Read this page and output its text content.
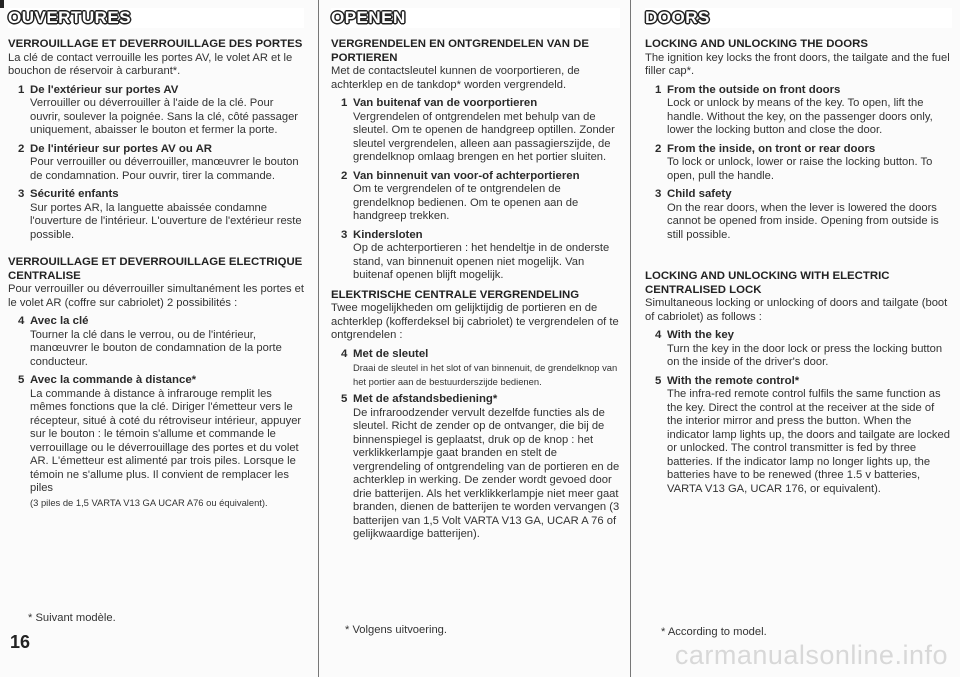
OUVERTURES
VERROUILLAGE ET DEVERROUILLAGE DES PORTES
La clé de contact verrouille les portes AV, le volet AR et le bouchon de réservoir à carburant*.
1 De l'extérieur sur portes AV
Verrouiller ou déverrouiller à l'aide de la clé. Pour ouvrir, soulever la poignée. Sans la clé, côté passager uniquement, abaisser le bouton et fermer la porte.
2 De l'intérieur sur portes AV ou AR
Pour verrouiller ou déverrouiller, manœuvrer le bouton de condamnation. Pour ouvrir, tirer la commande.
3 Sécurité enfants
Sur portes AR, la languette abaissée condamne l'ouverture de l'intérieur. L'ouverture de l'extérieur reste possible.
VERROUILLAGE ET DEVERROUILLAGE ELECTRIQUE CENTRALISE
Pour verrouiller ou déverrouiller simultanément les portes et le volet AR (coffre sur cabriolet) 2 possibilités :
4 Avec la clé
Tourner la clé dans le verrou, ou de l'intérieur, manœuvrer le bouton de condamnation de la porte conducteur.
5 Avec la commande à distance*
La commande à distance à infrarouge remplit les mêmes fonctions que la clé. Diriger l'émetteur vers le récepteur, situé à coté du rétroviseur intérieur, appuyer sur le bouton : le témoin s'allume et commande le verrouillage ou le déverrouillage des portes et du volet AR. L'émetteur est alimenté par trois piles. Lorsque le témoin ne s'allume plus. Il convient de remplacer les piles
(3 piles de 1,5 VARTA V13 GA UCAR A76 ou équivalent).
* Suivant modèle.
OPENEN
VERGRENDELEN EN ONTGRENDELEN VAN DE PORTIEREN
Met de contactsleutel kunnen de voorportieren, de achterklep en de tankdop* worden vergrendeld.
1 Van buitenaf van de voorportieren
Vergrendelen of ontgrendelen met behulp van de sleutel. Om te openen de handgreep optillen. Zonder sleutel vergrendelen, alleen aan passagierszijde, de grendelknop omlaag brengen en het portier sluiten.
2 Van binnenuit van voor-of achterportieren
Om te vergrendelen of te ontgrendelen de grendelknop bedienen. Om te openen aan de handgreep trekken.
3 Kindersloten
Op de achterportieren : het hendeltje in de onderste stand, van binnenuit openen niet mogelijk. Van buitenaf openen blijft mogelijk.
ELEKTRISCHE CENTRALE VERGRENDELING
Twee mogelijkheden om gelijktijdig de portieren en de achterklep (kofferdeksel bij cabriolet) te vergrendelen of te ontgrendelen :
4 Met de sleutel
Draai de sleutel in het slot of van binnenuit, de grendelknop van het portier aan de bestuurderszijde bedienen.
5 Met de afstandsbediening*
De infraroodzender vervult dezelfde functies als de sleutel. Richt de zender op de ontvanger, die bij de binnenspiegel is geplaatst, druk op de knop : het verklikkerlampje gaat branden en stelt de vergrendeling of ontgrendeling van de portieren en de achterklep in werking. De zender wordt gevoed door drie batterijen. Als het verklikkerlampje niet meer gaat branden, dienen de batterijen te worden vervangen (3 batterijen van 1,5 Volt VARTA V13 GA, UCAR A 76 of gelijkwaardige batterijen).
* Volgens uitvoering.
DOORS
LOCKING AND UNLOCKING THE DOORS
The ignition key locks the front doors, the tailgate and the fuel filler cap*.
1 From the outside on front doors
Lock or unlock by means of the key. To open, lift the handle. Without the key, on the passenger doors only, lower the locking button and close the door.
2 From the inside, on tront or rear doors
To lock or unlock, lower or raise the locking button. To open, pull the handle.
3 Child safety
On the rear doors, when the lever is lowered the doors cannot be opened from inside. Opening from outside is still possible.
LOCKING AND UNLOCKING WITH ELECTRIC CENTRALISED LOCK
Simultaneous locking or unlocking of doors and tailgate (boot of cabriolet) as follows :
4 With the key
Turn the key in the door lock or press the locking button on the inside of the driver's door.
5 With the remote control*
The infra-red remote control fulfils the same function as the key. Direct the control at the receiver at the side of the interior mirror and press the button. When the indicator lamp lights up, the doors and tailgate are locked or unlocked. The control transmitter is fed by three batteries. If the indicator lamp no longer lights up, the batteries have to be renewed (three 1.5 v batteries, VARTA V13 GA, UCAR 176, or equivalent).
* According to model.
16	carmanualsonline.info
